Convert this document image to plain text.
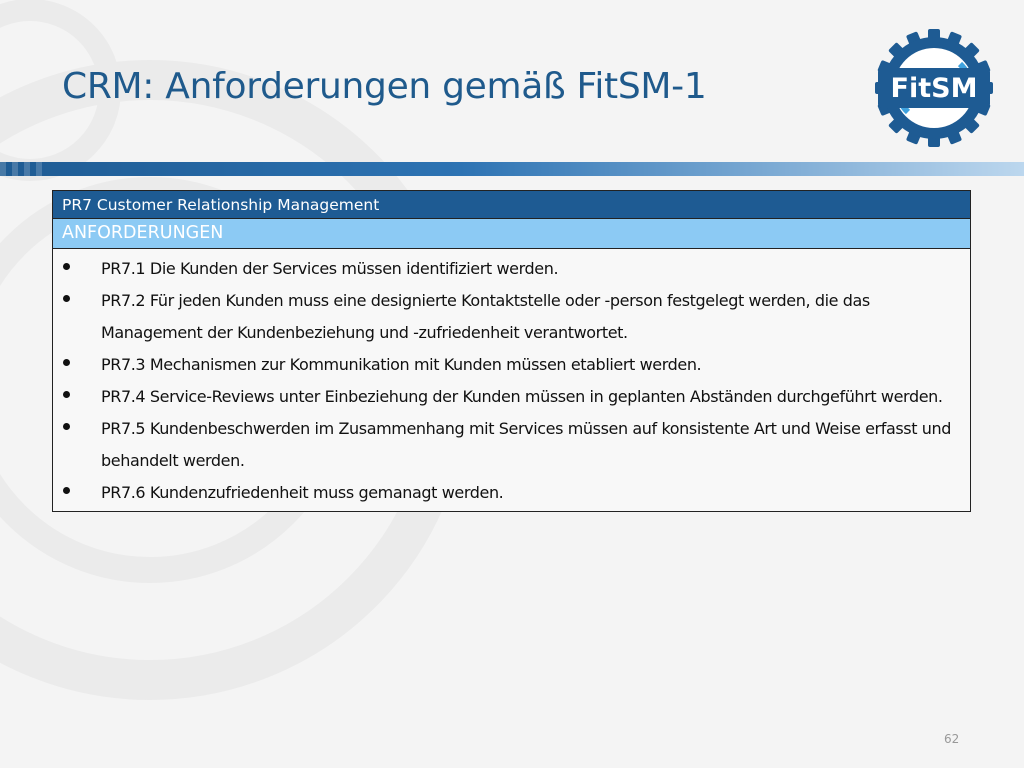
CRM: Anforderungen gemäß FitSM-1	FitSM
PR7 Customer Relationship Management
ANFORDERUNGEN
PR7.1 Die Kunden der Services müssen identifiziert werden.
PR7.2 Für jeden Kunden muss eine designierte Kontaktstelle oder -person festgelegt werden, die das Management der Kundenbeziehung und -zufriedenheit verantwortet.
PR7.3 Mechanismen zur Kommunikation mit Kunden müssen etabliert werden.
PR7.4 Service-Reviews unter Einbeziehung der Kunden müssen in geplanten Abständen durchgeführt werden.
PR7.5 Kundenbeschwerden im Zusammenhang mit Services müssen auf konsistente Art und Weise erfasst und behandelt werden.
PR7.6 Kundenzufriedenheit muss gemanagt werden.
62
